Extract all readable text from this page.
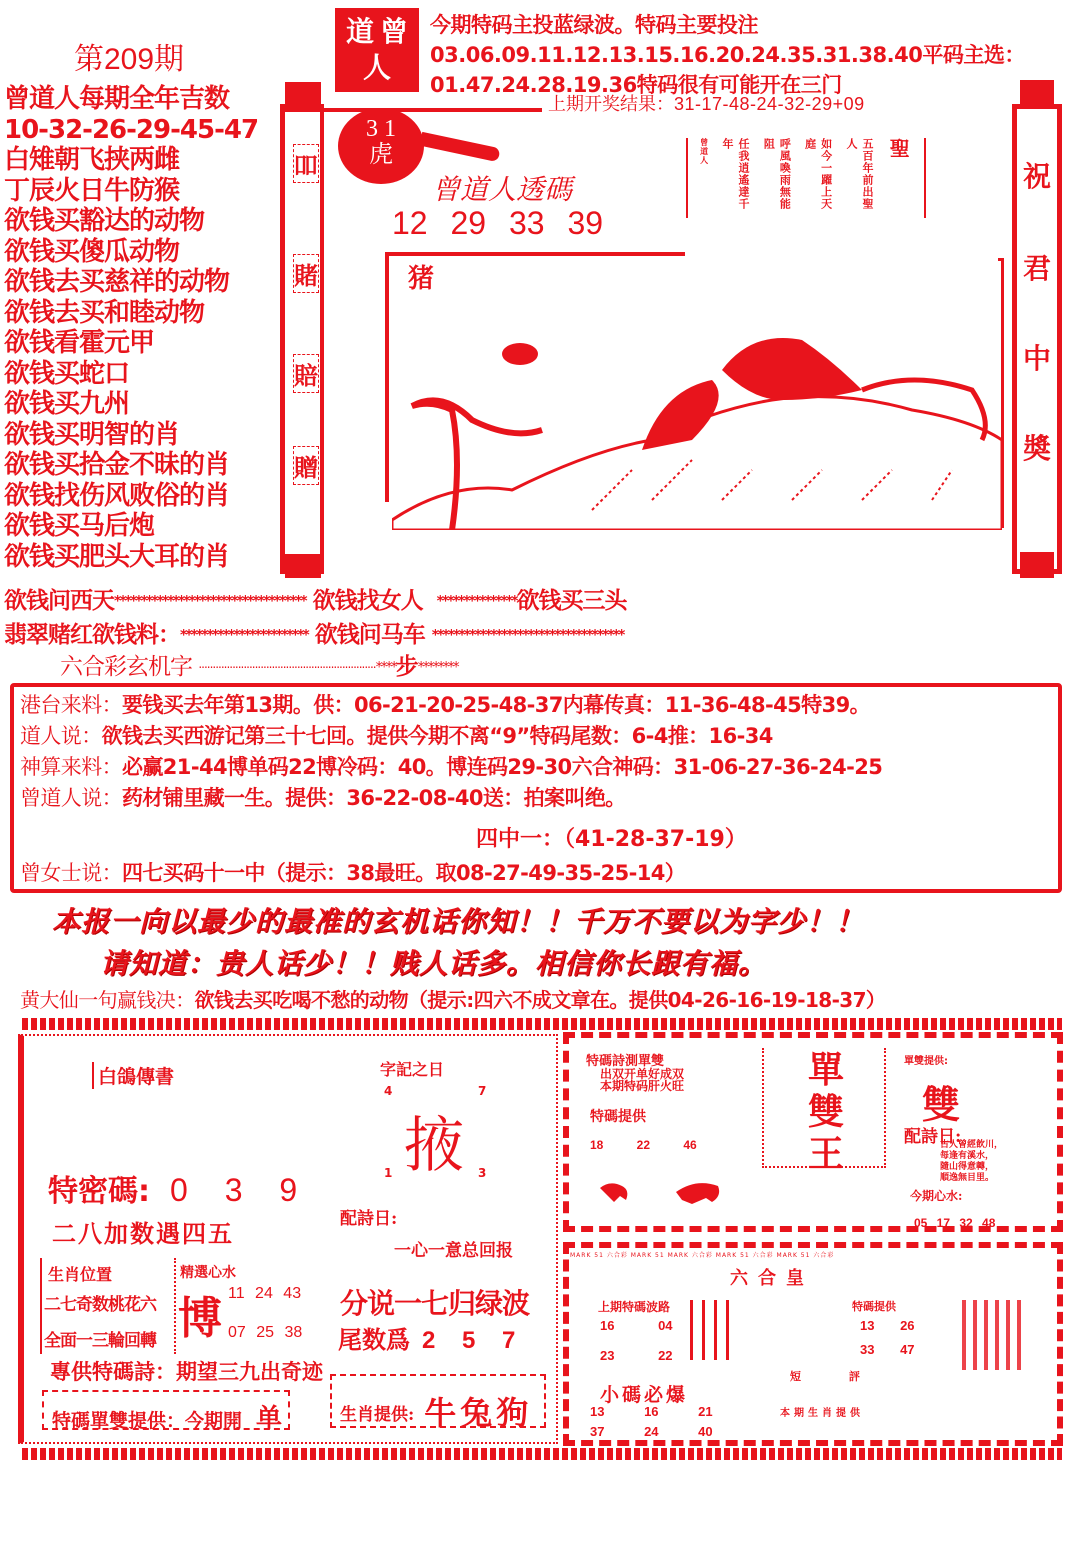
第209期
道 曾
人
今期特码主投蓝绿波。特码主要投注03.06.09.11.12.13.15.16.20.24.35.31.38.40平码主选：01.47.24.28.19.36特码很有可能开在三门
上期开奖结果：31-17-48-24-32-29+09
曾道人每期全年吉数
10-32-26-29-45-47
白雉朝飞挟两雌
丁辰火日牛防猴
欲钱买豁达的动物
欲钱买傻瓜动物
欲钱去买慈祥的动物
欲钱去买和睦动物
欲钱看霍元甲
欲钱买蛇口
欲钱买九州
欲钱买明智的肖
欲钱买拾金不昧的肖
欲钱找伤风败俗的肖
欲钱买马后炮
欲钱买肥头大耳的肖
吅
賭
賠
贈
祝
君
中
奬
3 1
虎
曾道人透碼
12 29 33 39
聖
五百年前出聖人
如今一躍上天庭
呼風喚雨無能阻
任我逍遙達千年
曾道人
猪
欲钱问西天************************************ 欲钱找女人 ***************欲钱买三头
翡翠赌红欲钱料：************************ 欲钱问马车 ************************************
六合彩玄机字 ·······························································****步********
港台来料：要钱买去年第13期。供：06-21-20-25-48-37内幕传真：11-36-48-45特39。
道人说：欲钱去买西游记第三十七回。提供今期不离“9”特码尾数：6-4推：16-34
神算来料：必赢21-44博单码22博冷码：40。博连码29-30六合神码：31-06-27-36-24-25
曾道人说：药材铺里藏一生。提供：36-22-08-40送：拍案叫绝。
四中一：（41-28-37-19）
曾女士说：四七买码十一中（提示：38最旺。取08-27-49-35-25-14）
本报一向以最少的最准的玄机话你知！！千万不要以为字少！！
请知道：贵人话少！！贱人话多。相信你长跟有福。
黄大仙一句赢钱决：欲钱去买吃喝不愁的动物（提示:四六不成文章在。提供04-26-16-19-18-37）
白鴿傳書
特密碼: 0 3 9
二八加数遇四五
生肖位置
二七奇数桃花六
全面一三輪回轉
精選心水
博 11 24 43
07 25 38
專供特碼詩：期望三九出奇迹
特碼單雙提供：今期開 单
字記之日
4	7
掖
1	3
配詩日:
一心一意总回报
分说一七归绿波
尾数爲 2 5 7
生肖提供: 牛兔狗
特碼詩測單雙
出双开单好成双
本期特码肝火旺
特碼提供
18 22 46
單
雙
王
單雙提供:
雙
配詩日:
古人曾經飲川，
每逢有溪水，
隨山得意轉，
順逸無目里。
今期心水:
05 17 32 48
MARK 51 六合彩 MARK 51 MARK 六合彩 MARK 51 六合彩 MARK 51 六合彩
六合皇
上期特碼波路
16 04
23 22
特碼提供
13 26
33 47
短 評
小碼必爆
13 16 21
37 24 40
本期生肖提供
